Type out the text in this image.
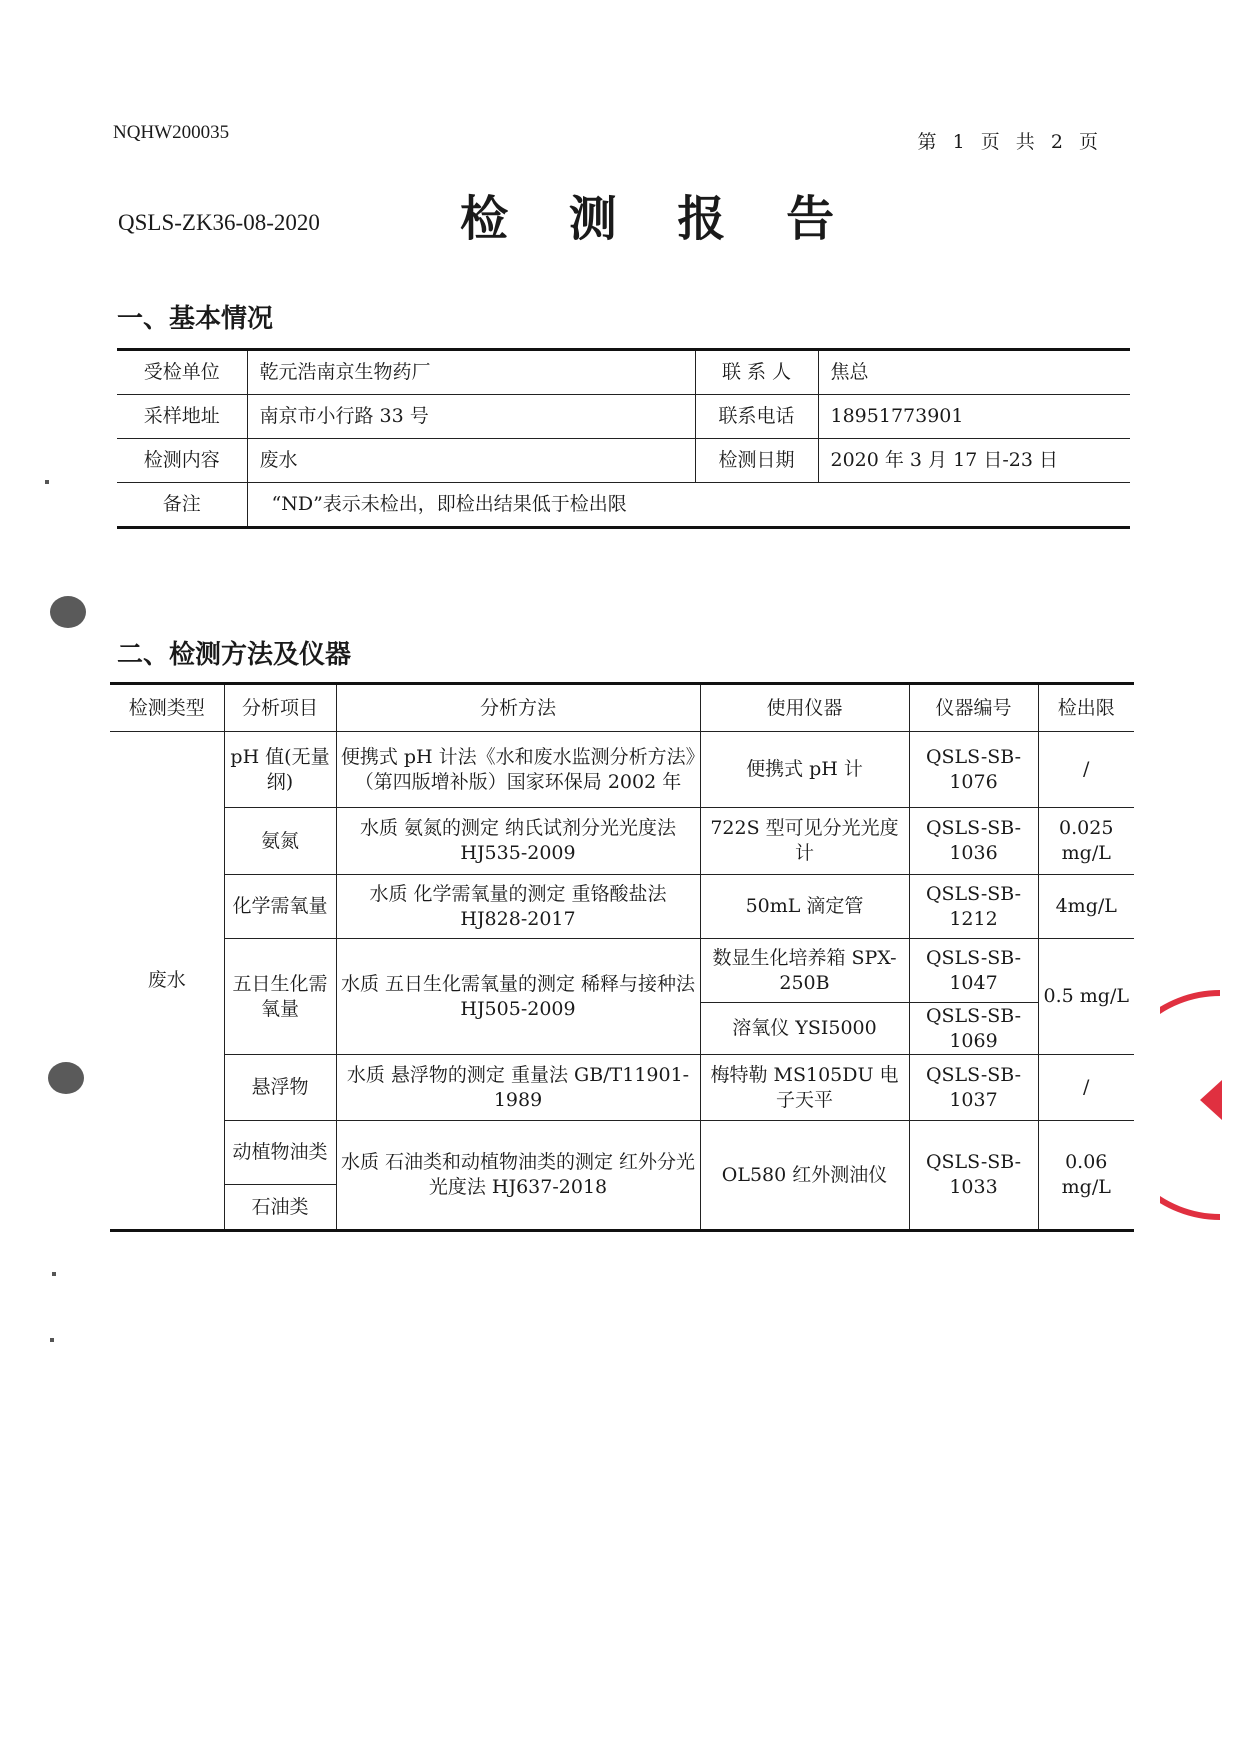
NQHW200035	第 1 页 共 2 页
QSLS-ZK36-08-2020	检 测 报 告
一、基本情况
受检单位	乾元浩南京生物药厂	联 系 人	焦总
采样地址	南京市小行路 33 号	联系电话	18951773901
检测内容	废水	检测日期	2020 年 3 月 17 日-23 日
备注	“ND”表示未检出，即检出结果低于检出限		
二、检测方法及仪器
检测类型	分析项目	分析方法	使用仪器	仪器编号	检出限
废水	pH 值(无量纲)	便携式 pH 计法《水和废水监测分析方法》（第四版增补版）国家环保局 2002 年	便携式 pH 计	QSLS-SB-1076	/
	氨氮	水质 氨氮的测定 纳氏试剂分光光度法 HJ535-2009	722S 型可见分光光度计	QSLS-SB-1036	0.025 mg/L
	化学需氧量	水质 化学需氧量的测定 重铬酸盐法 HJ828-2017	50mL 滴定管	QSLS-SB-1212	4mg/L
	五日生化需氧量	水质 五日生化需氧量的测定 稀释与接种法 HJ505-2009	数显生化培养箱 SPX-250B	QSLS-SB-1047	0.5 mg/L
			溶氧仪 YSI5000	QSLS-SB-1069	
	悬浮物	水质 悬浮物的测定 重量法 GB/T11901-1989	梅特勒 MS105DU 电子天平	QSLS-SB-1037	/
	动植物油类	水质 石油类和动植物油类的测定 红外分光光度法 HJ637-2018	OL580 红外测油仪	QSLS-SB-1033	0.06 mg/L
	石油类				
